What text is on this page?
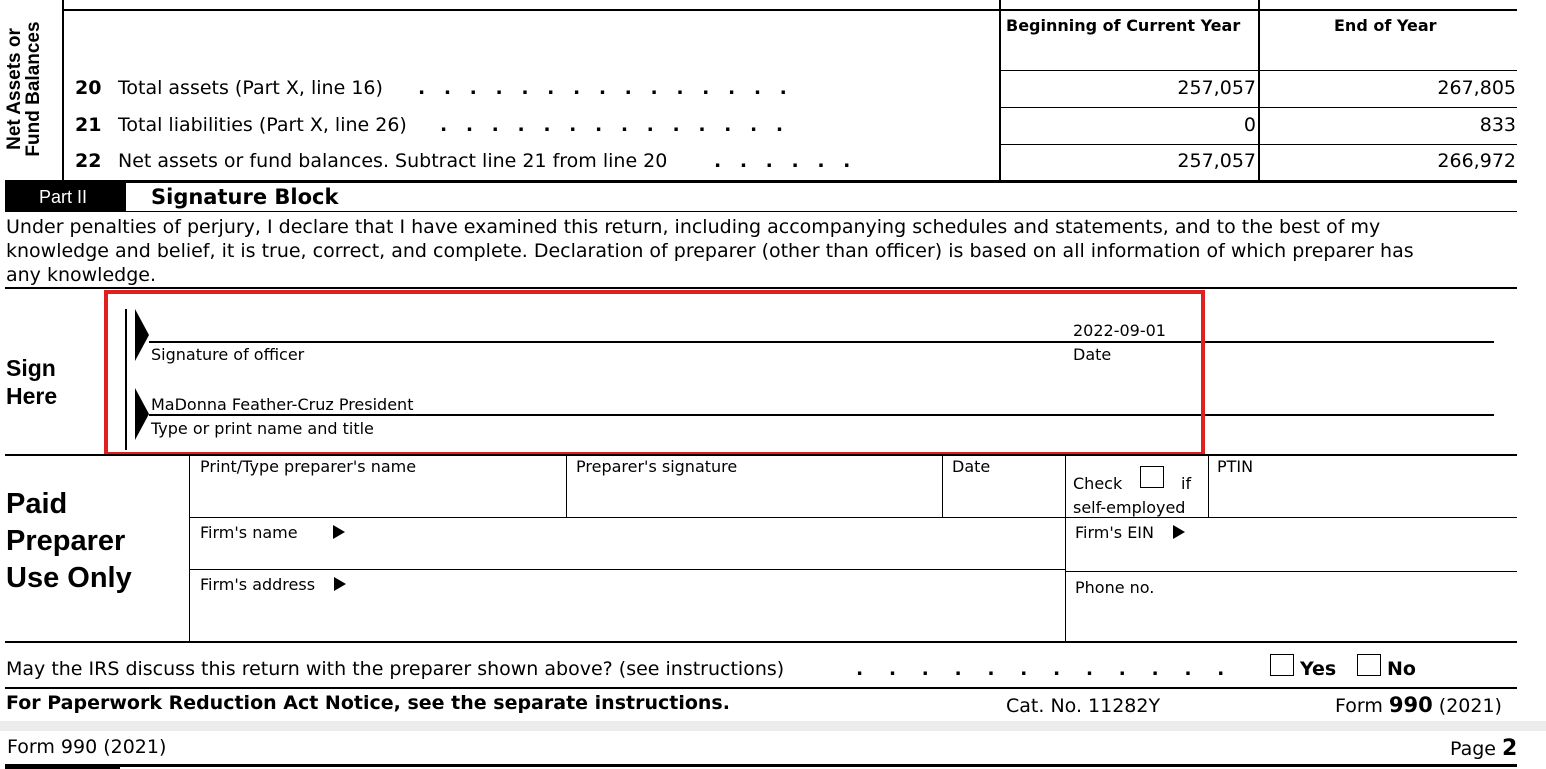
Net Assets or
Fund Balances	Beginning of Current Year	End of Year
20 Total assets (Part X, line 16) . . . . . . . . . . . . . . .	257,057	267,805
21 Total liabilities (Part X, line 26) . . . . . . . . . . . . . .	0	833
22 Net assets or fund balances. Subtract line 21 from line 20 . . . . . .	257,057	266,972
Part II	Signature Block
Under penalties of perjury, I declare that I have examined this return, including accompanying schedules and statements, and to the best of my
knowledge and belief, it is true, correct, and complete. Declaration of preparer (other than officer) is based on all information of which preparer has
any knowledge.
Sign
Here
2022-09-01
Signature of officer	Date
MaDonna Feather-Cruz President
Type or print name and title
Paid
Preparer
Use Only
Print/Type preparer's name	Preparer's signature	Date
Check	if
self-employed
PTIN
Firm's name	Firm's EIN
Firm's address	Phone no.
May the IRS discuss this return with the preparer shown above? (see instructions)	. . . . . . . . . . . .	Yes	No
For Paperwork Reduction Act Notice, see the separate instructions.	Cat. No. 11282Y	Form 990 (2021)
Form 990 (2021)	Page 2
